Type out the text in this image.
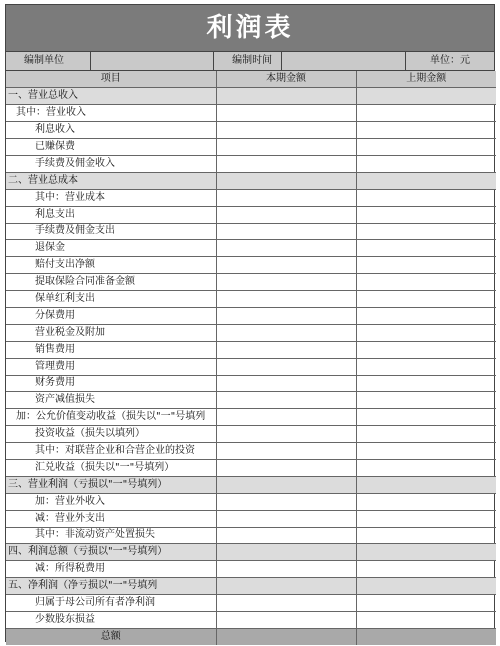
利润表
编制单位	编制时间	单位：元
项目	本期金额	上期金额
一、营业总收入		
其中：营业收入		
利息收入		
已赚保费		
手续费及佣金收入		
二、营业总成本		
其中：营业成本		
利息支出		
手续费及佣金支出		
退保金		
赔付支出净额		
提取保险合同准备金额		
保单红利支出		
分保费用		
营业税金及附加		
销售费用		
管理费用		
财务费用		
资产减值损失		
加：公允价值变动收益（损失以"一"号填列		
投资收益（损失以填列）		
其中：对联营企业和合营企业的投资		
汇兑收益（损失以"一"号填列）		
三、营业利润（亏损以"一"号填列）		
加：营业外收入		
减：营业外支出		
其中：非流动资产处置损失		
四、利润总额（亏损以"一"号填列）		
减：所得税费用		
五、净利润（净亏损以"一"号填列		
归属于母公司所有者净利润		
少数股东损益		
总额		
